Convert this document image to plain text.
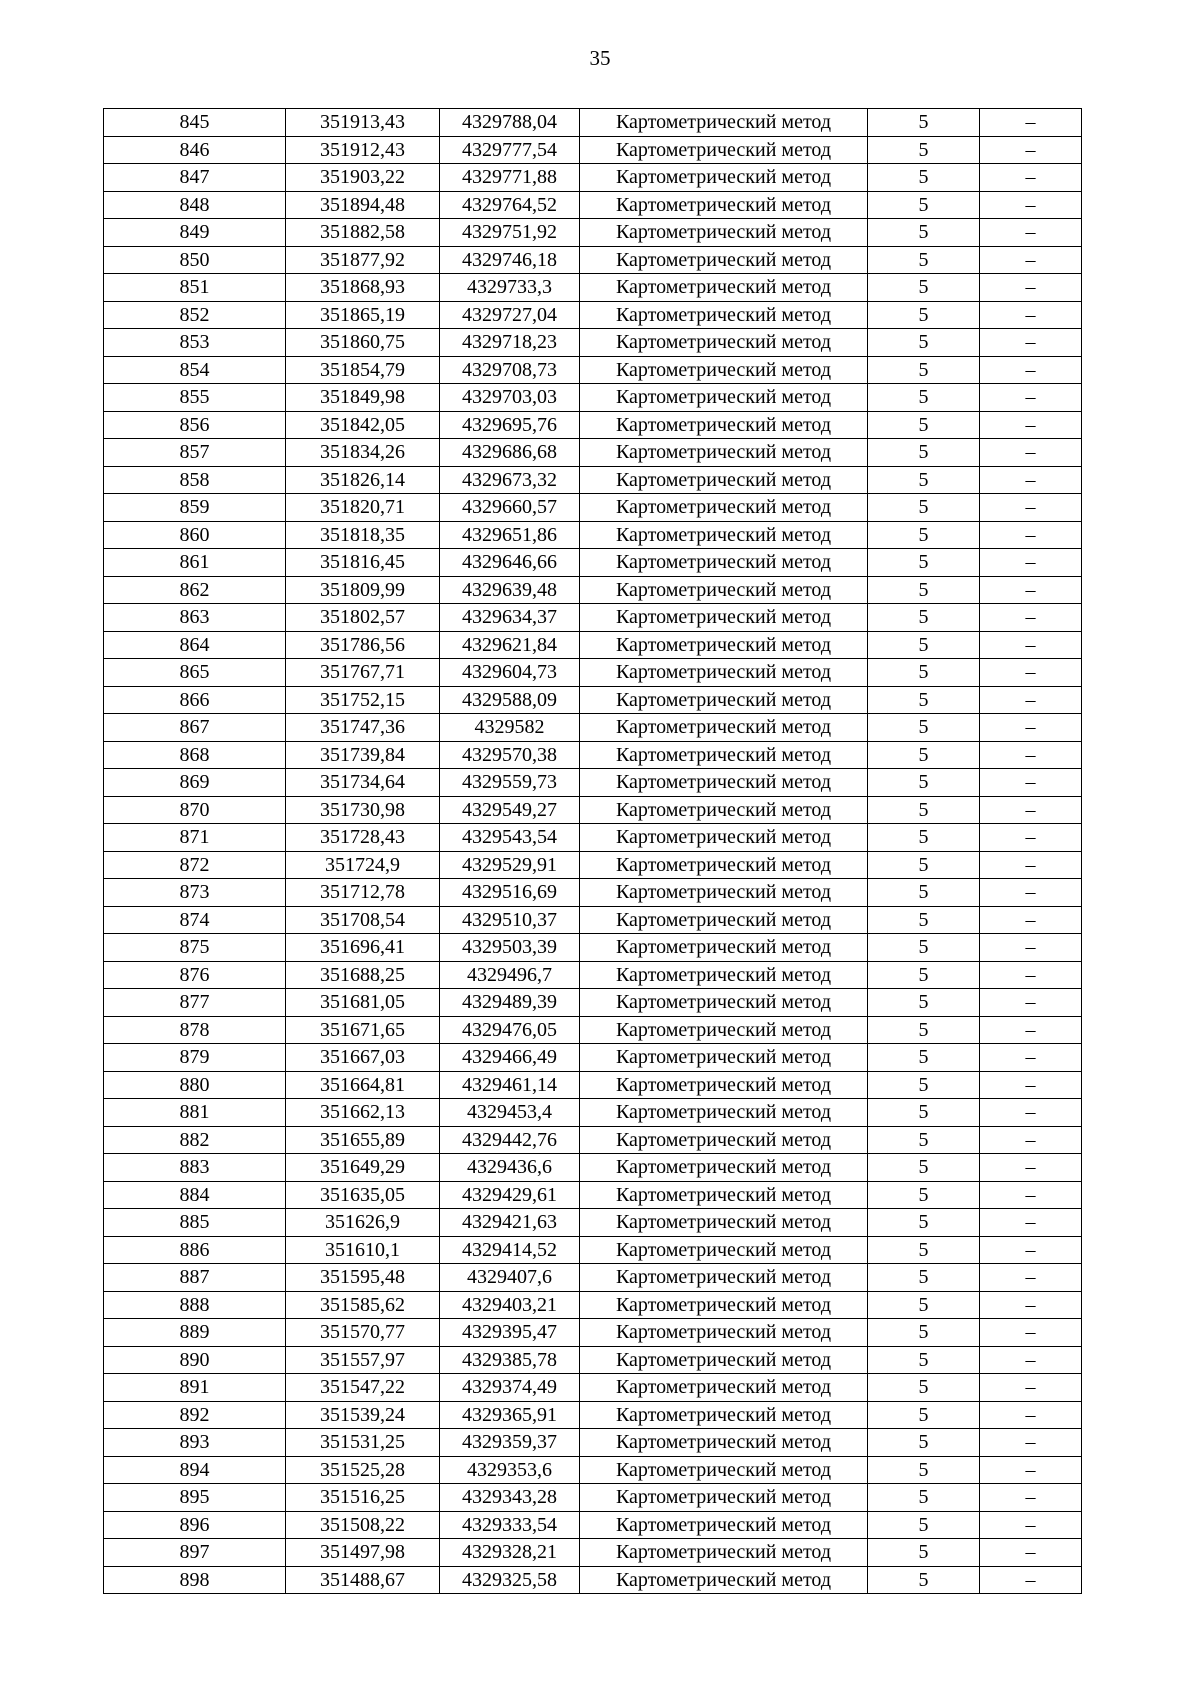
35
845	351913,43	4329788,04	Картометрический метод	5	–
846	351912,43	4329777,54	Картометрический метод	5	–
847	351903,22	4329771,88	Картометрический метод	5	–
848	351894,48	4329764,52	Картометрический метод	5	–
849	351882,58	4329751,92	Картометрический метод	5	–
850	351877,92	4329746,18	Картометрический метод	5	–
851	351868,93	4329733,3	Картометрический метод	5	–
852	351865,19	4329727,04	Картометрический метод	5	–
853	351860,75	4329718,23	Картометрический метод	5	–
854	351854,79	4329708,73	Картометрический метод	5	–
855	351849,98	4329703,03	Картометрический метод	5	–
856	351842,05	4329695,76	Картометрический метод	5	–
857	351834,26	4329686,68	Картометрический метод	5	–
858	351826,14	4329673,32	Картометрический метод	5	–
859	351820,71	4329660,57	Картометрический метод	5	–
860	351818,35	4329651,86	Картометрический метод	5	–
861	351816,45	4329646,66	Картометрический метод	5	–
862	351809,99	4329639,48	Картометрический метод	5	–
863	351802,57	4329634,37	Картометрический метод	5	–
864	351786,56	4329621,84	Картометрический метод	5	–
865	351767,71	4329604,73	Картометрический метод	5	–
866	351752,15	4329588,09	Картометрический метод	5	–
867	351747,36	4329582	Картометрический метод	5	–
868	351739,84	4329570,38	Картометрический метод	5	–
869	351734,64	4329559,73	Картометрический метод	5	–
870	351730,98	4329549,27	Картометрический метод	5	–
871	351728,43	4329543,54	Картометрический метод	5	–
872	351724,9	4329529,91	Картометрический метод	5	–
873	351712,78	4329516,69	Картометрический метод	5	–
874	351708,54	4329510,37	Картометрический метод	5	–
875	351696,41	4329503,39	Картометрический метод	5	–
876	351688,25	4329496,7	Картометрический метод	5	–
877	351681,05	4329489,39	Картометрический метод	5	–
878	351671,65	4329476,05	Картометрический метод	5	–
879	351667,03	4329466,49	Картометрический метод	5	–
880	351664,81	4329461,14	Картометрический метод	5	–
881	351662,13	4329453,4	Картометрический метод	5	–
882	351655,89	4329442,76	Картометрический метод	5	–
883	351649,29	4329436,6	Картометрический метод	5	–
884	351635,05	4329429,61	Картометрический метод	5	–
885	351626,9	4329421,63	Картометрический метод	5	–
886	351610,1	4329414,52	Картометрический метод	5	–
887	351595,48	4329407,6	Картометрический метод	5	–
888	351585,62	4329403,21	Картометрический метод	5	–
889	351570,77	4329395,47	Картометрический метод	5	–
890	351557,97	4329385,78	Картометрический метод	5	–
891	351547,22	4329374,49	Картометрический метод	5	–
892	351539,24	4329365,91	Картометрический метод	5	–
893	351531,25	4329359,37	Картометрический метод	5	–
894	351525,28	4329353,6	Картометрический метод	5	–
895	351516,25	4329343,28	Картометрический метод	5	–
896	351508,22	4329333,54	Картометрический метод	5	–
897	351497,98	4329328,21	Картометрический метод	5	–
898	351488,67	4329325,58	Картометрический метод	5	–
